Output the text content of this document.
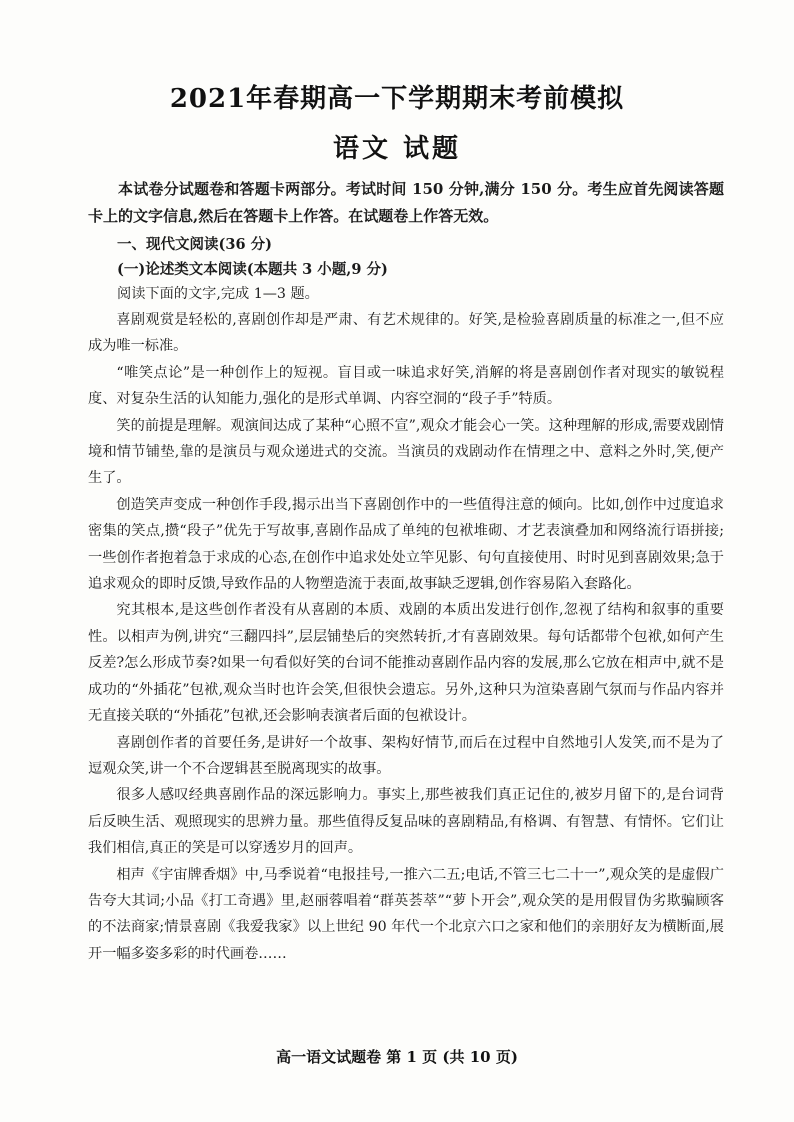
2021年春期高一下学期期末考前模拟
语文 试题
本试卷分试题卷和答题卡两部分。考试时间 150 分钟,满分 150 分。考生应首先阅读答题卡上的文字信息,然后在答题卡上作答。在试题卷上作答无效。
一、现代文阅读(36 分)
(一)论述类文本阅读(本题共 3 小题,9 分)
阅读下面的文字,完成 1—3 题。

喜剧观赏是轻松的,喜剧创作却是严肃、有艺术规律的。好笑,是检验喜剧质量的标准之一,但不应成为唯一标准。

“唯笑点论”是一种创作上的短视。盲目或一味追求好笑,消解的将是喜剧创作者对现实的敏锐程度、对复杂生活的认知能力,强化的是形式单调、内容空洞的“段子手”特质。

笑的前提是理解。观演间达成了某种“心照不宣”,观众才能会心一笑。这种理解的形成,需要戏剧情境和情节铺垫,靠的是演员与观众递进式的交流。当演员的戏剧动作在情理之中、意料之外时,笑,便产生了。

创造笑声变成一种创作手段,揭示出当下喜剧创作中的一些值得注意的倾向。比如,创作中过度追求密集的笑点,攒“段子”优先于写故事,喜剧作品成了单纯的包袱堆砌、才艺表演叠加和网络流行语拼接;一些创作者抱着急于求成的心态,在创作中追求处处立竿见影、句句直接使用、时时见到喜剧效果;急于追求观众的即时反馈,导致作品的人物塑造流于表面,故事缺乏逻辑,创作容易陷入套路化。

究其根本,是这些创作者没有从喜剧的本质、戏剧的本质出发进行创作,忽视了结构和叙事的重要性。以相声为例,讲究“三翻四抖”,层层铺垫后的突然转折,才有喜剧效果。每句话都带个包袱,如何产生反差?怎么形成节奏?如果一句看似好笑的台词不能推动喜剧作品内容的发展,那么它放在相声中,就不是成功的“外插花”包袱,观众当时也许会笑,但很快会遗忘。另外,这种只为渲染喜剧气氛而与作品内容并无直接关联的“外插花”包袱,还会影响表演者后面的包袱设计。

喜剧创作者的首要任务,是讲好一个故事、架构好情节,而后在过程中自然地引人发笑,而不是为了逗观众笑,讲一个不合逻辑甚至脱离现实的故事。

很多人感叹经典喜剧作品的深远影响力。事实上,那些被我们真正记住的,被岁月留下的,是台词背后反映生活、观照现实的思辨力量。那些值得反复品味的喜剧精品,有格调、有智慧、有情怀。它们让我们相信,真正的笑是可以穿透岁月的回声。

相声《宇宙牌香烟》中,马季说着“电报挂号,一推六二五;电话,不管三七二十一”,观众笑的是虚假广告夸大其词;小品《打工奇遇》里,赵丽蓉唱着“群英荟萃”“萝卜开会”,观众笑的是用假冒伪劣欺骗顾客的不法商家;情景喜剧《我爱我家》以上世纪 90 年代一个北京六口之家和他们的亲朋好友为横断面,展开一幅多姿多彩的时代画卷……

高一语文试题卷 第 1 页 (共 10 页)
